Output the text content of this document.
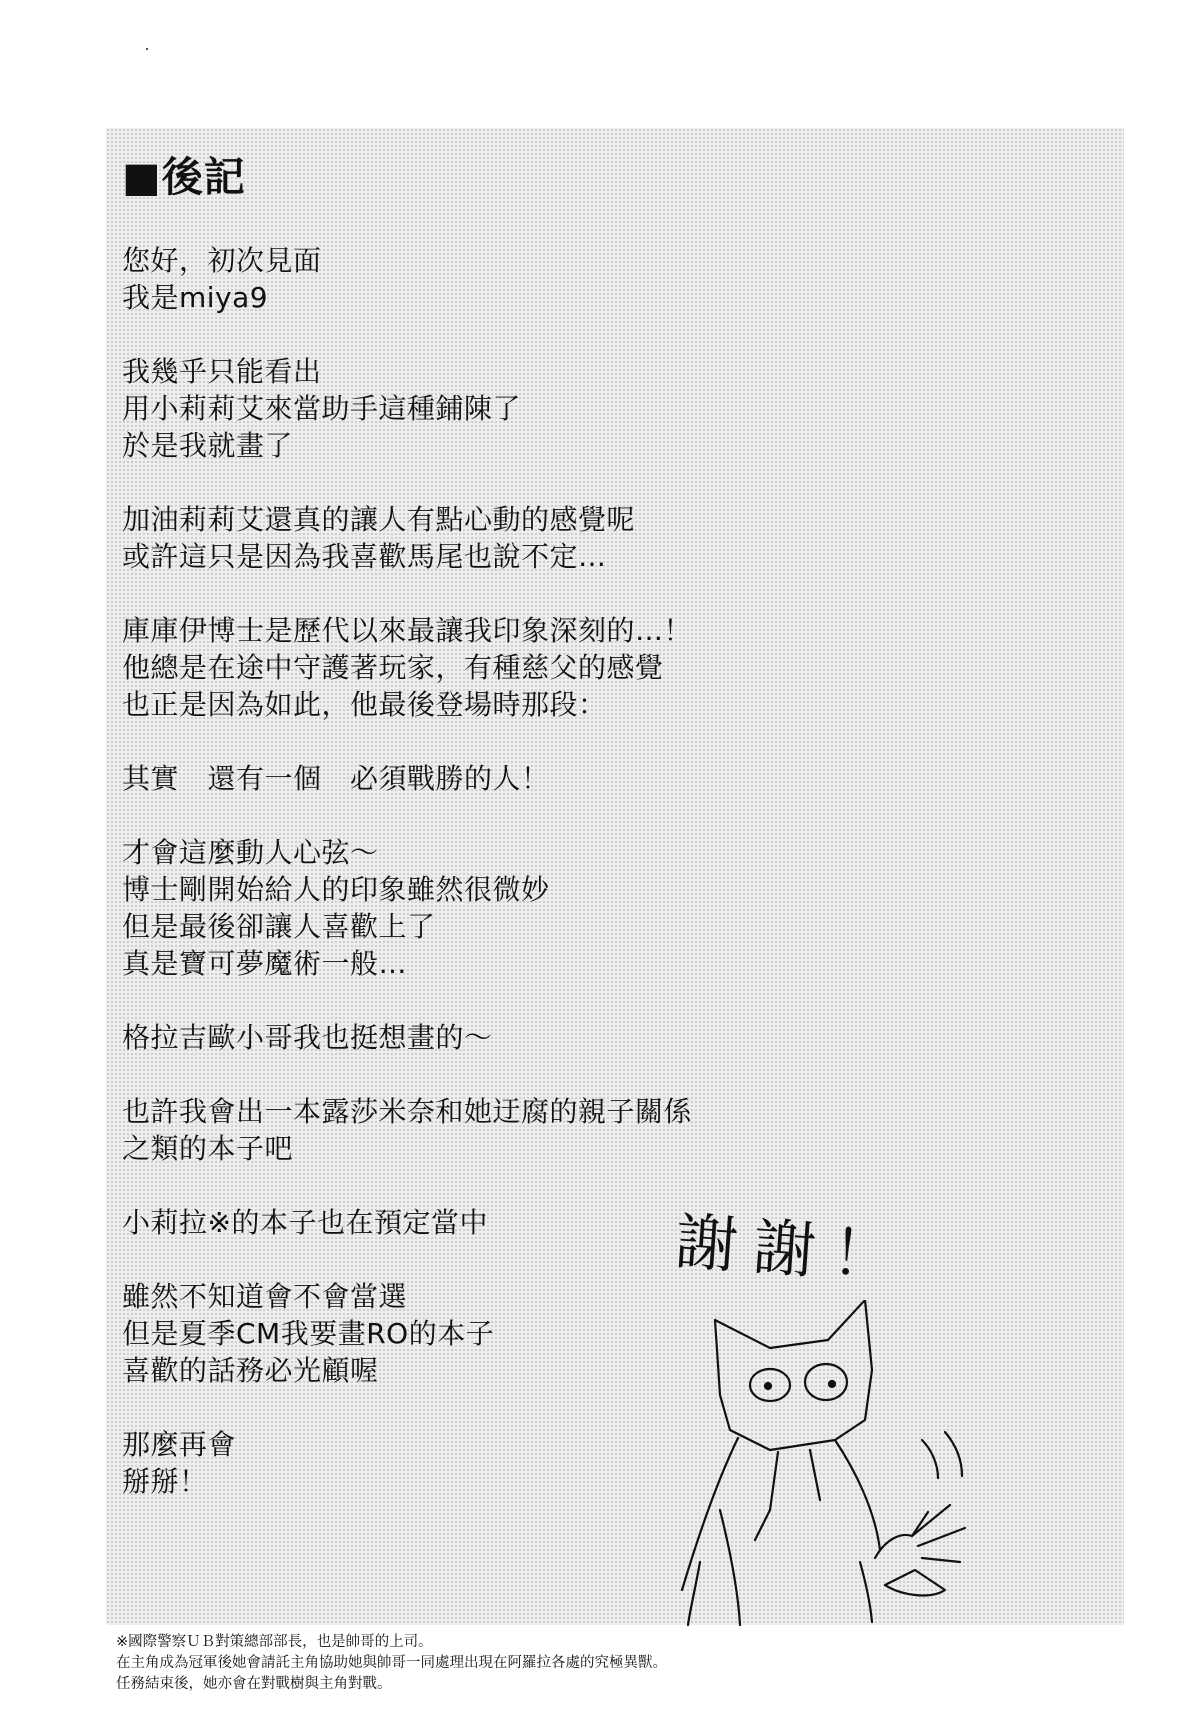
■後記
您好，初次見面
我是miya9
我幾乎只能看出
用小莉莉艾來當助手這種鋪陳了
於是我就畫了
加油莉莉艾還真的讓人有點心動的感覺呢
或許這只是因為我喜歡馬尾也說不定…
庫庫伊博士是歷代以來最讓我印象深刻的…！
他總是在途中守護著玩家，有種慈父的感覺
也正是因為如此，他最後登場時那段：
其實　還有一個　必須戰勝的人！
才會這麼動人心弦～
博士剛開始給人的印象雖然很微妙
但是最後卻讓人喜歡上了
真是寶可夢魔術一般…
格拉吉歐小哥我也挺想畫的～
也許我會出一本露莎米奈和她迂腐的親子關係
之類的本子吧
小莉拉※的本子也在預定當中
雖然不知道會不會當選
但是夏季CM我要畫RO的本子
喜歡的話務必光顧喔
那麼再會
掰掰！
謝謝！
※國際警察ＵＢ對策總部部長，也是帥哥的上司。
在主角成為冠軍後她會請託主角協助她與帥哥一同處理出現在阿羅拉各處的究極異獸。
任務結束後，她亦會在對戰樹與主角對戰。
